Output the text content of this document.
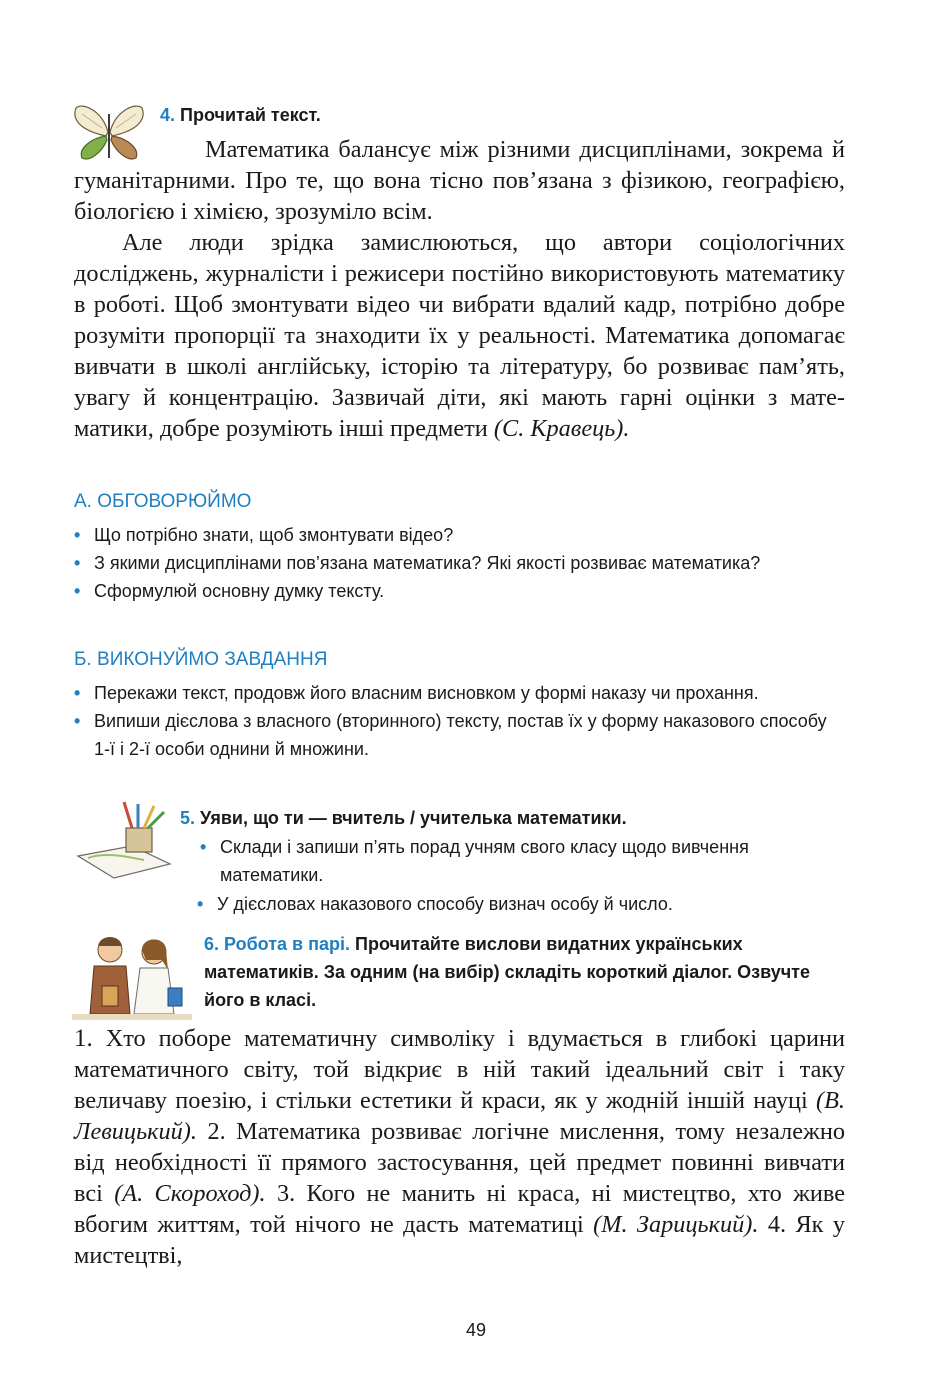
4. Прочитай текст.

Математика балансує між різними дисциплінами, зокрема й гуманітарними. Про те, що вона тісно пов’язана з фізикою, географією, біологією і хімією, зрозуміло всім.

Але люди зрідка замислюються, що автори соціологічних досліджень, журналісти і режисери постійно використовують математику в роботі. Щоб змонтувати відео чи вибрати вдалий кадр, потрібно добре розуміти пропорції та знаходити їх у реальності. Математика допомагає вивчати в школі англійську, історію та літературу, бо розвиває пам’ять, увагу й концентрацію. Зазвичай діти, які мають гарні оцінки з математики, добре розуміють інші предмети (С. Кравець).

А. ОБГОВОРЮЙМО
• Що потрібно знати, щоб змонтувати відео?
• З якими дисциплінами пов’язана математика? Які якості розвиває математика?
• Сформулюй основну думку тексту.
Б. ВИКОНУЙМО ЗАВДАННЯ
• Перекажи текст, продовж його власним висновком у формі наказу чи прохання.
• Випиши дієслова з власного (вторинного) тексту, постав їх у форму наказового способу 1-ї і 2-ї особи однини й множини.
5. Уяви, що ти — вчитель / учителька математики.
• Склади і запиши п’ять порад учням свого класу щодо вивчення математики.
• У дієсловах наказового способу визнач особу й число.
6. Робота в парі. Прочитайте вислови видатних українських математиків. За одним (на вибір) складіть короткий діалог. Озвучте його в класі.

1. Хто поборе математичну символіку і вдумається в глибокі царини математичного світу, той відкриє в ній такий ідеальний світ і таку величаву поезію, і стільки естетики й краси, як у жодній іншій науці (В. Левицький). 2. Математика розвиває логічне мислення, тому незалежно від необхідності її прямого застосування, цей предмет повинні вивчати всі (А. Скороход). 3. Кого не манить ні краса, ні мистецтво, хто живе вбогим життям, той нічого не дасть математиці (М. Зарицький). 4. Як у мистецтві,

49
